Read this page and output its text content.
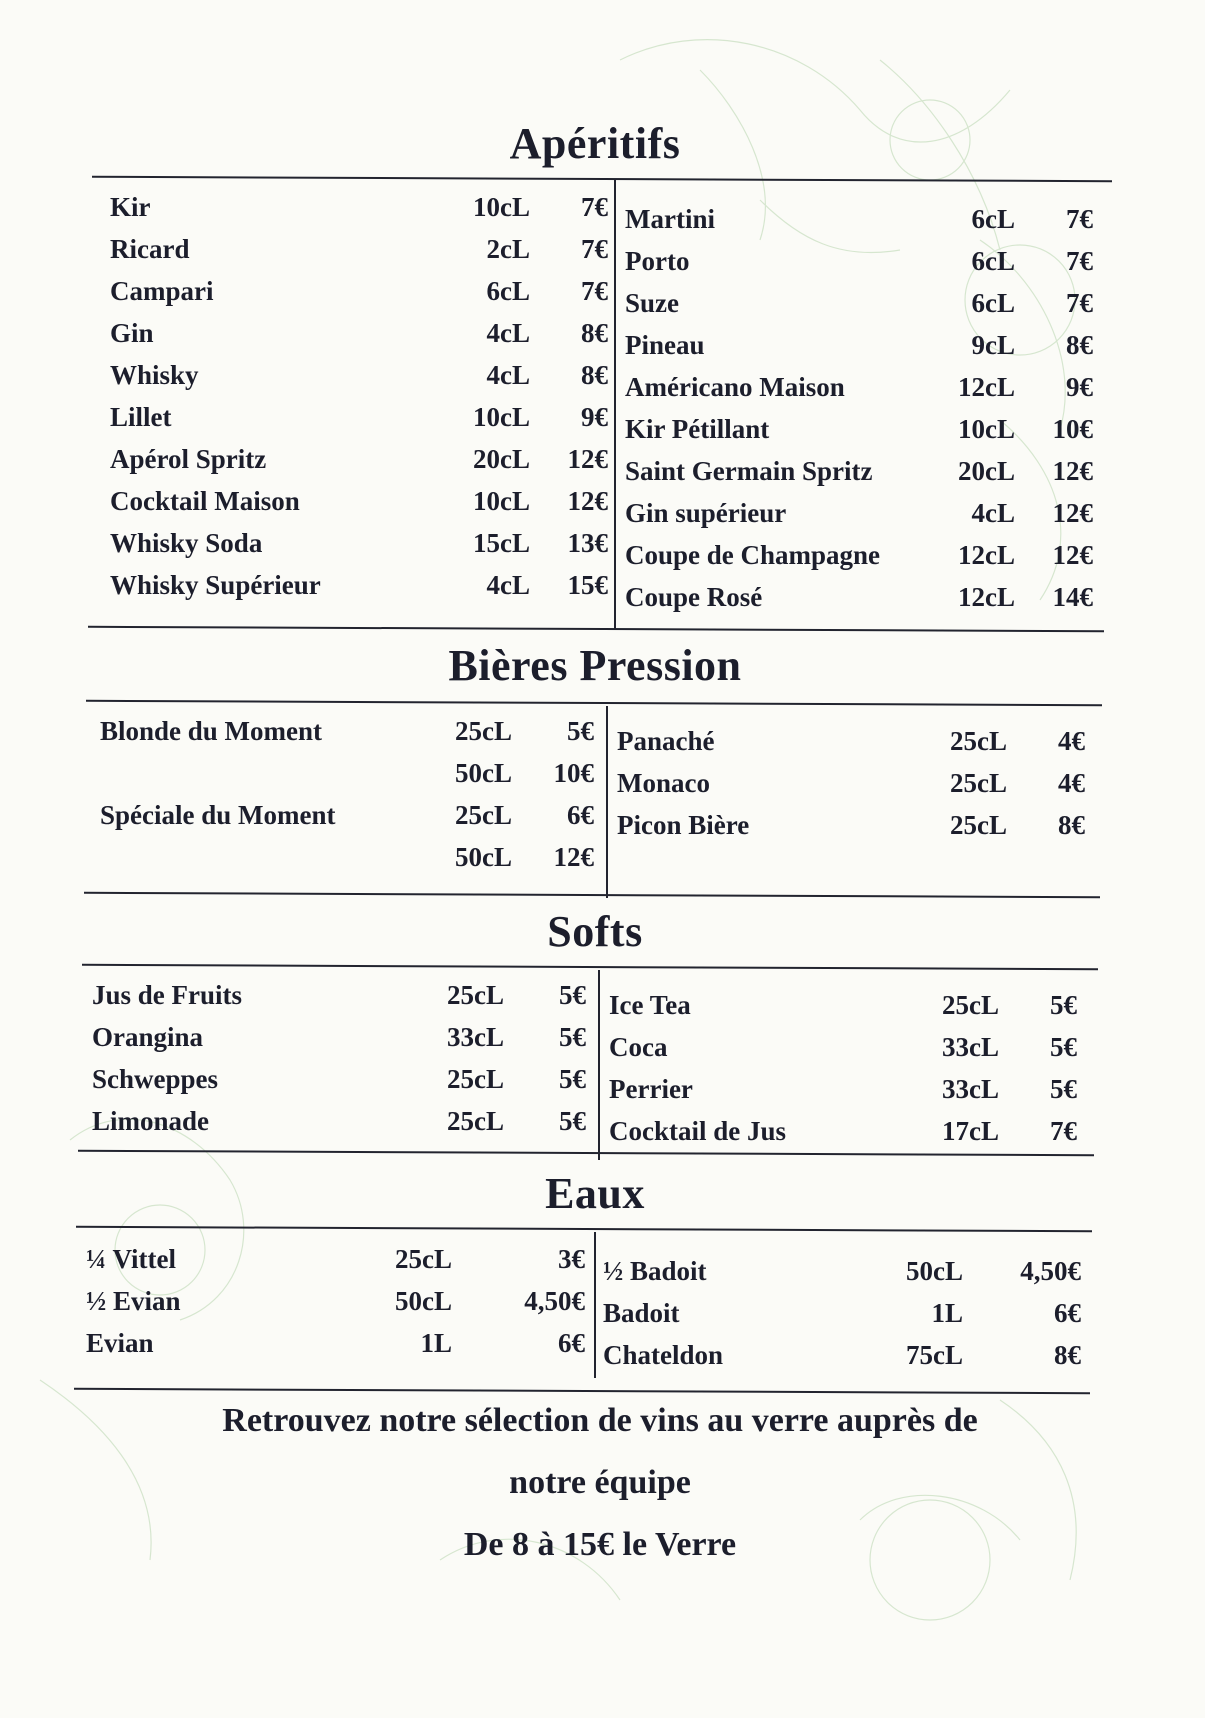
Apéritifs
Kir	10cL	7€
Ricard	2cL	7€
Campari	6cL	7€
Gin	4cL	8€
Whisky	4cL	8€
Lillet	10cL	9€
Apérol Spritz	20cL	12€
Cocktail Maison	10cL	12€
Whisky Soda	15cL	13€
Whisky Supérieur	4cL	15€
Martini	6cL	7€
Porto	6cL	7€
Suze	6cL	7€
Pineau	9cL	8€
Américano Maison	12cL	9€
Kir Pétillant	10cL	10€
Saint Germain Spritz	20cL	12€
Gin supérieur	4cL	12€
Coupe de Champagne	12cL	12€
Coupe Rosé	12cL	14€
Bières Pression
Blonde du Moment	25cL	5€
50cL	10€
Spéciale du Moment	25cL	6€
50cL	12€
Panaché	25cL	4€
Monaco	25cL	4€
Picon Bière	25cL	8€
Softs
Jus de Fruits	25cL	5€
Orangina	33cL	5€
Schweppes	25cL	5€
Limonade	25cL	5€
Ice Tea	25cL	5€
Coca	33cL	5€
Perrier	33cL	5€
Cocktail de Jus	17cL	7€
Eaux
¼ Vittel	25cL	3€
½ Evian	50cL	4,50€
Evian	1L	6€
½ Badoit	50cL	4,50€
Badoit	1L	6€
Chateldon	75cL	8€
Retrouvez notre sélection de vins au verre auprès de
notre équipe
De 8 à 15€ le Verre
